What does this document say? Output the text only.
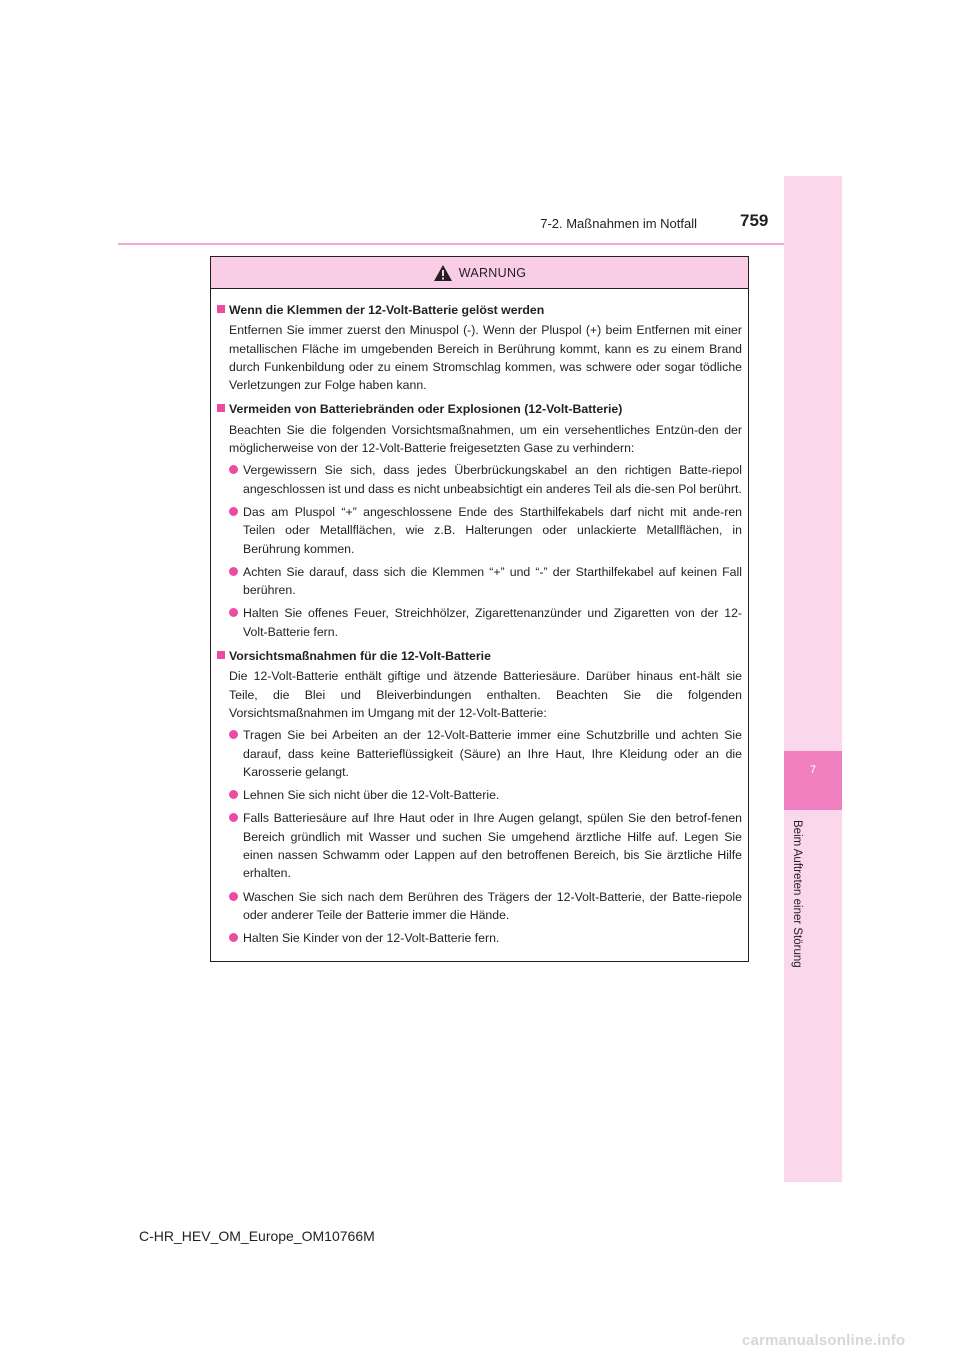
7-2. Maßnahmen im Notfall	759
7
Beim Auftreten einer Störung
WARNUNG
Wenn die Klemmen der 12-Volt-Batterie gelöst werden
Entfernen Sie immer zuerst den Minuspol (-). Wenn der Pluspol (+) beim Entfernen mit einer metallischen Fläche im umgebenden Bereich in Berührung kommt, kann es zu einem Brand durch Funkenbildung oder zu einem Stromschlag kommen, was schwere oder sogar tödliche Verletzungen zur Folge haben kann.
Vermeiden von Batteriebränden oder Explosionen (12-Volt-Batterie)
Beachten Sie die folgenden Vorsichtsmaßnahmen, um ein versehentliches Entzün-den der möglicherweise von der 12-Volt-Batterie freigesetzten Gase zu verhindern:
Vergewissern Sie sich, dass jedes Überbrückungskabel an den richtigen Batte-riepol angeschlossen ist und dass es nicht unbeabsichtigt ein anderes Teil als die-sen Pol berührt.
Das am Pluspol “+” angeschlossene Ende des Starthilfekabels darf nicht mit ande-ren Teilen oder Metallflächen, wie z.B. Halterungen oder unlackierte Metallflächen, in Berührung kommen.
Achten Sie darauf, dass sich die Klemmen “+” und “-” der Starthilfekabel auf keinen Fall berühren.
Halten Sie offenes Feuer, Streichhölzer, Zigarettenanzünder und Zigaretten von der 12-Volt-Batterie fern.
Vorsichtsmaßnahmen für die 12-Volt-Batterie
Die 12-Volt-Batterie enthält giftige und ätzende Batteriesäure. Darüber hinaus ent-hält sie Teile, die Blei und Bleiverbindungen enthalten. Beachten Sie die folgenden Vorsichtsmaßnahmen im Umgang mit der 12-Volt-Batterie:
Tragen Sie bei Arbeiten an der 12-Volt-Batterie immer eine Schutzbrille und achten Sie darauf, dass keine Batterieflüssigkeit (Säure) an Ihre Haut, Ihre Kleidung oder an die Karosserie gelangt.
Lehnen Sie sich nicht über die 12-Volt-Batterie.
Falls Batteriesäure auf Ihre Haut oder in Ihre Augen gelangt, spülen Sie den betrof-fenen Bereich gründlich mit Wasser und suchen Sie umgehend ärztliche Hilfe auf. Legen Sie einen nassen Schwamm oder Lappen auf den betroffenen Bereich, bis Sie ärztliche Hilfe erhalten.
Waschen Sie sich nach dem Berühren des Trägers der 12-Volt-Batterie, der Batte-riepole oder anderer Teile der Batterie immer die Hände.
Halten Sie Kinder von der 12-Volt-Batterie fern.
C-HR_HEV_OM_Europe_OM10766M
carmanualsonline.info
